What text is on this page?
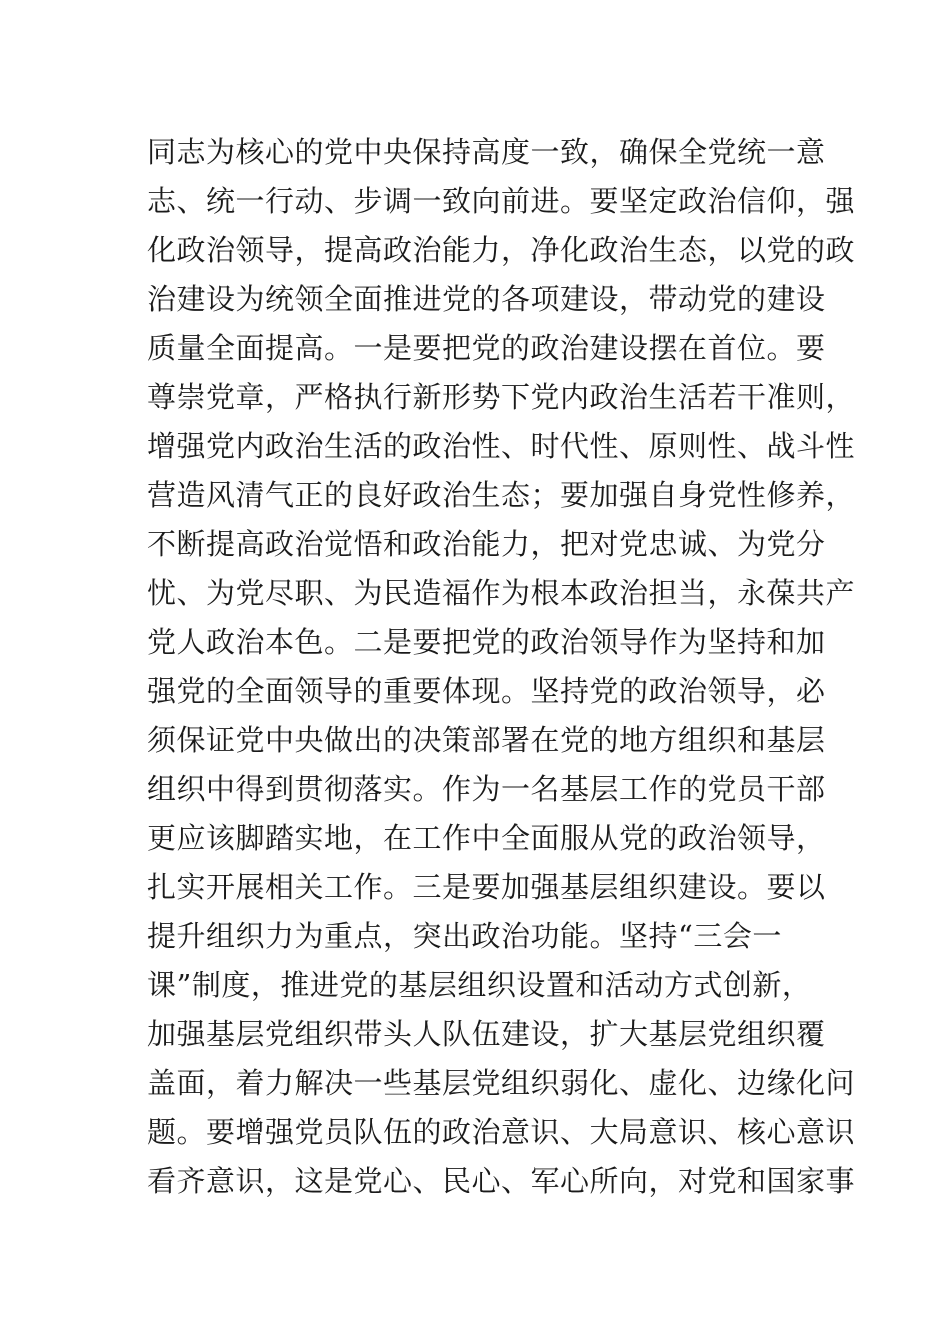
同志为核心的党中央保持高度一致，确保全党统一意
志、统一行动、步调一致向前进。要坚定政治信仰，强
化政治领导，提高政治能力，净化政治生态，以党的政
治建设为统领全面推进党的各项建设，带动党的建设
质量全面提高。一是要把党的政治建设摆在首位。要
尊崇党章，严格执行新形势下党内政治生活若干准则，
增强党内政治生活的政治性、时代性、原则性、战斗性
营造风清气正的良好政治生态；要加强自身党性修养，
不断提高政治觉悟和政治能力，把对党忠诚、为党分
忧、为党尽职、为民造福作为根本政治担当，永葆共产
党人政治本色。二是要把党的政治领导作为坚持和加
强党的全面领导的重要体现。坚持党的政治领导，必
须保证党中央做出的决策部署在党的地方组织和基层
组织中得到贯彻落实。作为一名基层工作的党员干部
更应该脚踏实地，在工作中全面服从党的政治领导，
扎实开展相关工作。三是要加强基层组织建设。要以
提升组织力为重点，突出政治功能。坚持“三会一
课”制度，推进党的基层组织设置和活动方式创新，
加强基层党组织带头人队伍建设，扩大基层党组织覆
盖面，着力解决一些基层党组织弱化、虚化、边缘化问
题。要增强党员队伍的政治意识、大局意识、核心意识
看齐意识，这是党心、民心、军心所向，对党和国家事
